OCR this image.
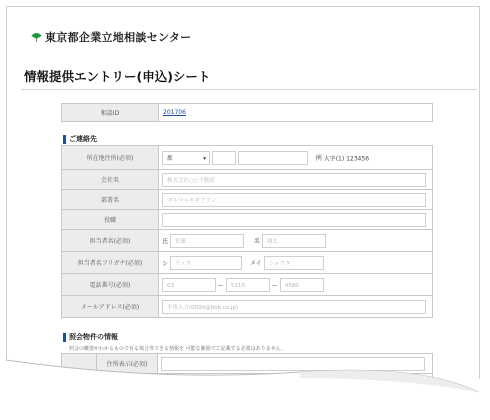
東京都企業立地相談センター
情報提供エントリー(申込)シート
相談ID	201706
ご連絡先
所在地住所(必須)	都 ▾ 例 大字(1) 123456
会社名	株式会社○○不動産
部署名	マルマルキギフラン
役職	
担当者名(必須)	氏 宮藤 名 翔太
担当者名フリガナ(必須)	シ リュウ メイ ショウタ
電話番号(必須)	03 ー 5210 ー 4580
メールアドレス(必須)	半角入力(0000@bbb.co.jp)
照会物件の情報
照会の概要がわかるもので有る場合等できる情報を 可能な範囲でご記載する必要はありません。
	住所表示(必須)	
